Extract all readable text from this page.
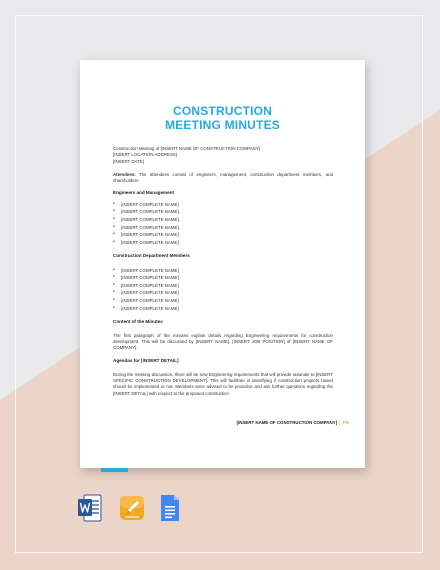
CONSTRUCTION
MEETING MINUTES

Construction Meeting of [INSERT NAME OF CONSTRUCTION COMPANY]

[INSERT LOCATION ADDRESS]

[INSERT DATE]

Attendees: The attendees consist of engineers, management, construction department members, and shareholders.

Engineers and Management

• [INSERT COMPLETE NAME]
• [INSERT COMPLETE NAME]
• [INSERT COMPLETE NAME]
• [INSERT COMPLETE NAME]
• [INSERT COMPLETE NAME]
• [INSERT COMPLETE NAME]

Construction Department Members

• [INSERT COMPLETE NAME]
• [INSERT COMPLETE NAME]
• [INSERT COMPLETE NAME]
• [INSERT COMPLETE NAME]
• [INSERT COMPLETE NAME]
• [INSERT COMPLETE NAME]

Content of the Minutes

The first paragraph of the minutes explain details regarding Engineering requirements for construction development. This will be discussed by [INSERT NAME], [INSERT JOB POSITION] of [INSERT NAME OF COMPANY].

Agendas for [INSERT DETAIL]

During the meeting discussion, there will be new Engineering requirements that will provide rationale to [INSERT SPECIFIC CONSTRUCTION DEVELOPMENT]. This will facilitate in identifying if construction projects raised should be implemented or not. Members were advised to be proactive and ask further questions regarding the [INSERT DETAIL] with respect to the proposed construction

[INSERT NAME OF CONSTRUCTION COMPANY] | PG
